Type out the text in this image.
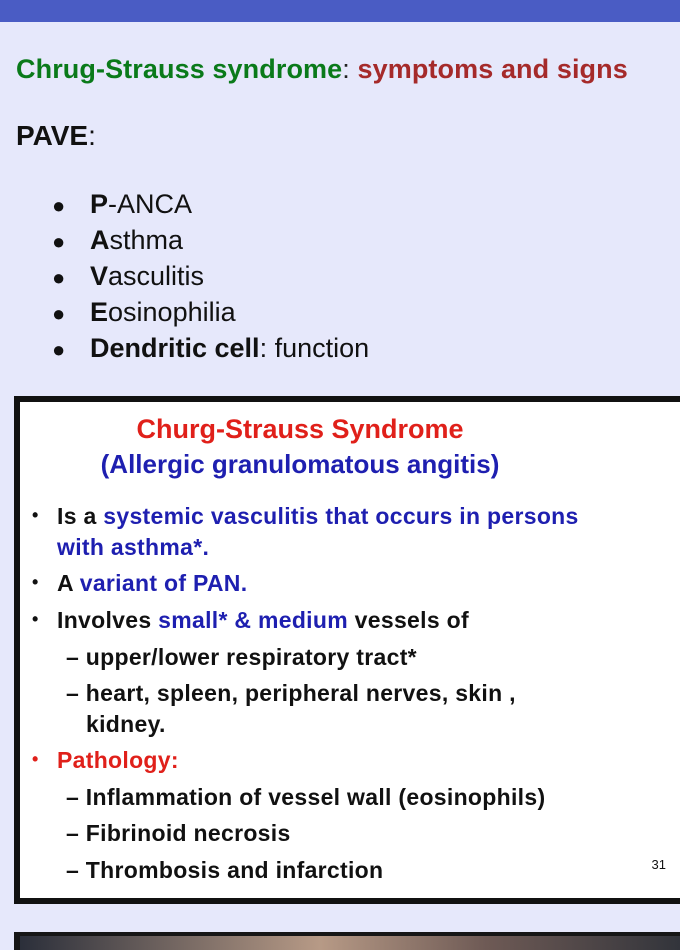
Chrug-Strauss syndrome: symptoms and signs
PAVE:
● P-ANCA
● Asthma
● Vasculitis
● Eosinophilia
● Dendritic cell: function
Churg-Strauss Syndrome
(Allergic granulomatous angitis)
• Is a systemic vasculitis that occurs in persons
with asthma*.
• A variant of PAN.
• Involves small* & medium vessels of
– upper/lower respiratory tract*
– heart, spleen, peripheral nerves, skin ,
kidney.
• Pathology:
– Inflammation of vessel wall (eosinophils)
– Fibrinoid necrosis
– Thrombosis and infarction	31
